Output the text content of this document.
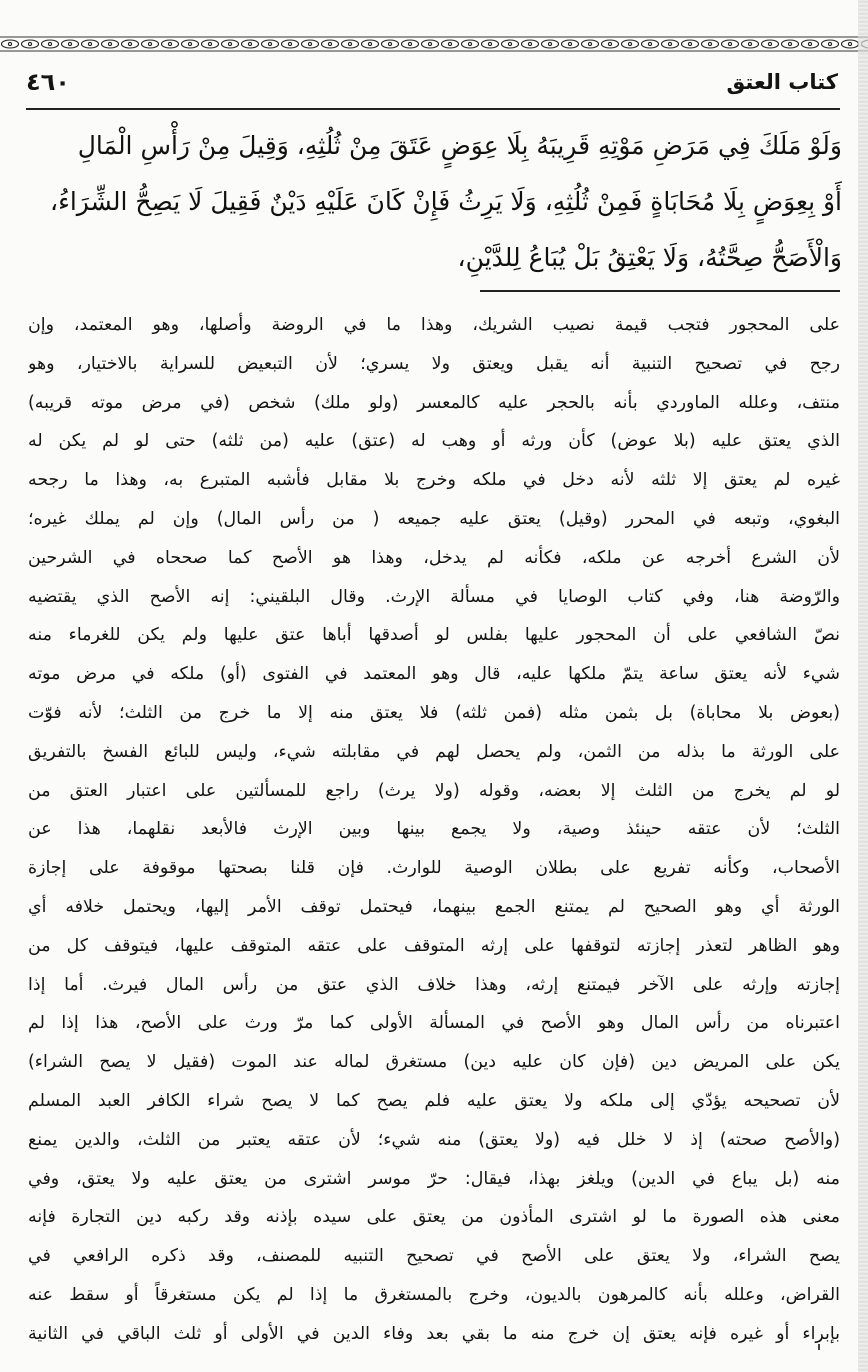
كتاب العتق
٤٦٠
وَلَوْ مَلَكَ فِي مَرَضِ مَوْتِهِ قَرِيبَهُ بِلَا عِوَضٍ عَتَقَ مِنْ ثُلُثِهِ، وَقِيلَ مِنْ رَأْسِ الْمَالِ
أَوْ بِعِوَضٍ بِلَا مُحَابَاةٍ فَمِنْ ثُلُثِهِ، وَلَا يَرِثُ فَإِنْ كَانَ عَلَيْهِ دَيْنٌ فَقِيلَ لَا يَصِحُّ الشِّرَاءُ،
وَالْأَصَحُّ صِحَّتُهُ، وَلَا يَعْتِقُ بَلْ يُبَاعُ لِلدَّيْنِ،
على المحجور فتجب قيمة نصيب الشريك، وهذا ما في الروضة وأصلها، وهو المعتمد، وإن
رجح في تصحيح التنبية أنه يقبل ويعتق ولا يسري؛ لأن التبعيض للسراية بالاختيار، وهو
منتف، وعلله الماوردي بأنه بالحجر عليه كالمعسر (ولو ملك) شخص (في مرض موته قريبه)
الذي يعتق عليه (بلا عوض) كأن ورثه أو وهب له (عتق) عليه (من ثلثه) حتى لو لم يكن له
غيره لم يعتق إلا ثلثه لأنه دخل في ملكه وخرج بلا مقابل فأشبه المتبرع به، وهذا ما رجحه
البغوي، وتبعه في المحرر (وقيل) يعتق عليه جميعه ( من رأس المال) وإن لم يملك غيره؛
لأن الشرع أخرجه عن ملكه، فكأنه لم يدخل، وهذا هو الأصح كما صححاه في الشرحين
والرّوضة هنا، وفي كتاب الوصايا في مسألة الإرث. وقال البلقيني: إنه الأصح الذي يقتضيه
نصّ الشافعي على أن المحجور عليها بفلس لو أصدقها أباها عتق عليها ولم يكن للغرماء منه
شيء لأنه يعتق ساعة يتمّ ملكها عليه، قال وهو المعتمد في الفتوى (أو) ملكه في مرض موته
(بعوض بلا محاباة) بل بثمن مثله (فمن ثلثه) فلا يعتق منه إلا ما خرج من الثلث؛ لأنه فوّت
على الورثة ما بذله من الثمن، ولم يحصل لهم في مقابلته شيء، وليس للبائع الفسخ بالتفريق
لو لم يخرج من الثلث إلا بعضه، وقوله (ولا يرث) راجع للمسألتين على اعتبار العتق من
الثلث؛ لأن عتقه حينئذ وصية، ولا يجمع بينها وبين الإرث فالأبعد نقلهما، هذا عن
الأصحاب، وكأنه تفريع على بطلان الوصية للوارث. فإن قلنا بصحتها موقوفة على إجازة
الورثة أي وهو الصحيح لم يمتنع الجمع بينهما، فيحتمل توقف الأمر إليها، ويحتمل خلافه أي
وهو الظاهر لتعذر إجازته لتوقفها على إرثه المتوقف على عتقه المتوقف عليها، فيتوقف كل من
إجازته وإرثه على الآخر فيمتنع إرثه، وهذا خلاف الذي عتق من رأس المال فيرث. أما إذا
اعتبرناه من رأس المال وهو الأصح في المسألة الأولى كما مرّ ورث على الأصح، هذا إذا لم
يكن على المريض دين (فإن كان عليه دين) مستغرق لماله عند الموت (فقيل لا يصح الشراء)
لأن تصحيحه يؤدّي إلى ملكه ولا يعتق عليه فلم يصح كما لا يصح شراء الكافر العبد المسلم
(والأصح صحته) إذ لا خلل فيه (ولا يعتق) منه شيء؛ لأن عتقه يعتبر من الثلث، والدين يمنع
منه (بل يباع في الدين) ويلغز بهذا، فيقال: حرّ موسر اشترى من يعتق عليه ولا يعتق، وفي
معنى هذه الصورة ما لو اشترى المأذون من يعتق على سيده بإذنه وقد ركبه دين التجارة فإنه
يصح الشراء، ولا يعتق على الأصح في تصحيح التنبيه للمصنف، وقد ذكره الرافعي في
القراض، وعلله بأنه كالمرهون بالديون، وخرج بالمستغرق ما إذا لم يكن مستغرقاً أو سقط عنه
بإبراء أو غيره فإنه يعتق إن خرج منه ما بقي بعد وفاء الدين في الأولى أو ثلث الباقي في الثانية
